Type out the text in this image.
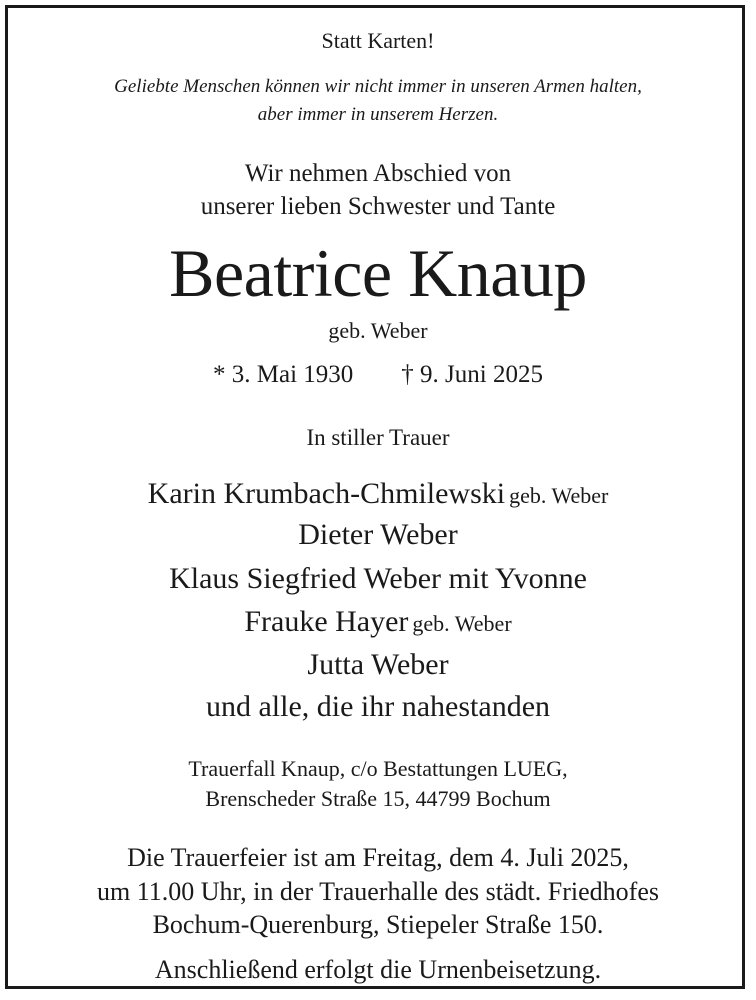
Statt Karten!
Geliebte Menschen können wir nicht immer in unseren Armen halten,
aber immer in unserem Herzen.
Wir nehmen Abschied von
unserer lieben Schwester und Tante
Beatrice Knaup
geb. Weber
* 3. Mai 1930 † 9. Juni 2025
In stiller Trauer
Karin Krumbach-Chmilewski geb. Weber
Dieter Weber
Klaus Siegfried Weber mit Yvonne
Frauke Hayer geb. Weber
Jutta Weber
und alle, die ihr nahestanden
Trauerfall Knaup, c/o Bestattungen LUEG,
Brenscheder Straße 15, 44799 Bochum
Die Trauerfeier ist am Freitag, dem 4. Juli 2025,
um 11.00 Uhr, in der Trauerhalle des städt. Friedhofes
Bochum-Querenburg, Stiepeler Straße 150.
Anschließend erfolgt die Urnenbeisetzung.
